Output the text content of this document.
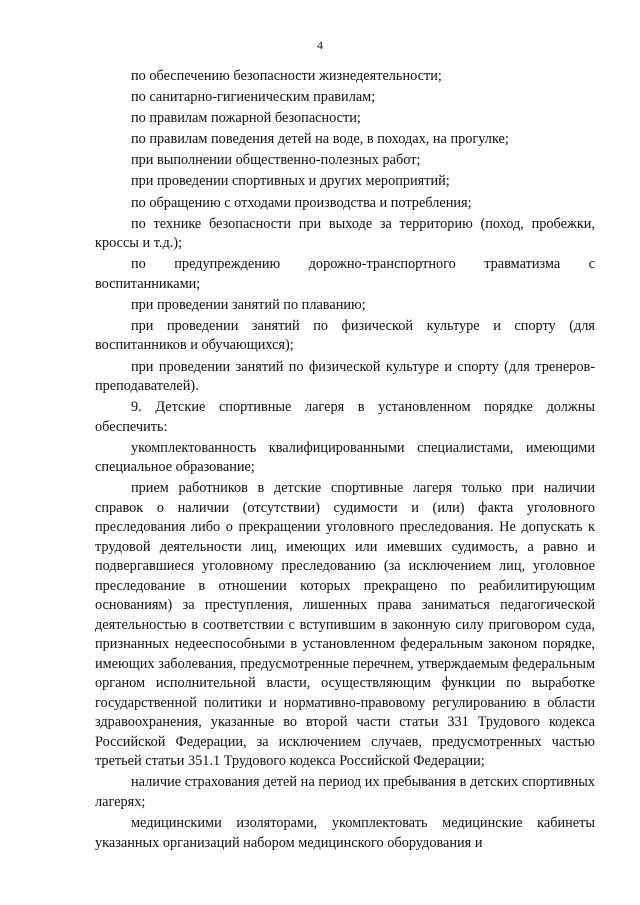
4

по обеспечению безопасности жизнедеятельности;

по санитарно-гигиеническим правилам;

по правилам пожарной безопасности;

по правилам поведения детей на воде, в походах, на прогулке;

при выполнении общественно-полезных работ;

при проведении спортивных и других мероприятий;

по обращению с отходами производства и потребления;

по технике безопасности при выходе за территорию (поход, пробежки, кроссы и т.д.);

по предупреждению дорожно-транспортного травматизма с воспитанниками;

при проведении занятий по плаванию;

при проведении занятий по физической культуре и спорту (для воспитанников и обучающихся);

при проведении занятий по физической культуре и спорту (для тренеров-преподавателей).

9. Детские спортивные лагеря в установленном порядке должны обеспечить:

укомплектованность квалифицированными специалистами, имеющими специальное образование;

прием работников в детские спортивные лагеря только при наличии справок о наличии (отсутствии) судимости и (или) факта уголовного преследования либо о прекращении уголовного преследования. Не допускать к трудовой деятельности лиц, имеющих или имевших судимость, а равно и подвергавшиеся уголовному преследованию (за исключением лиц, уголовное преследование в отношении которых прекращено по реабилитирующим основаниям) за преступления, лишенных права заниматься педагогической деятельностью в соответствии с вступившим в законную силу приговором суда, признанных недееспособными в установленном федеральным законом порядке, имеющих заболевания, предусмотренные перечнем, утверждаемым федеральным органом исполнительной власти, осуществляющим функции по выработке государственной политики и нормативно-правовому регулированию в области здравоохранения, указанные во второй части статьи 331 Трудового кодекса Российской Федерации, за исключением случаев, предусмотренных частью третьей статьи 351.1 Трудового кодекса Российской Федерации;

наличие страхования детей на период их пребывания в детских спортивных лагерях;

медицинскими изоляторами, укомплектовать медицинские кабинеты указанных организаций набором медицинского оборудования и
